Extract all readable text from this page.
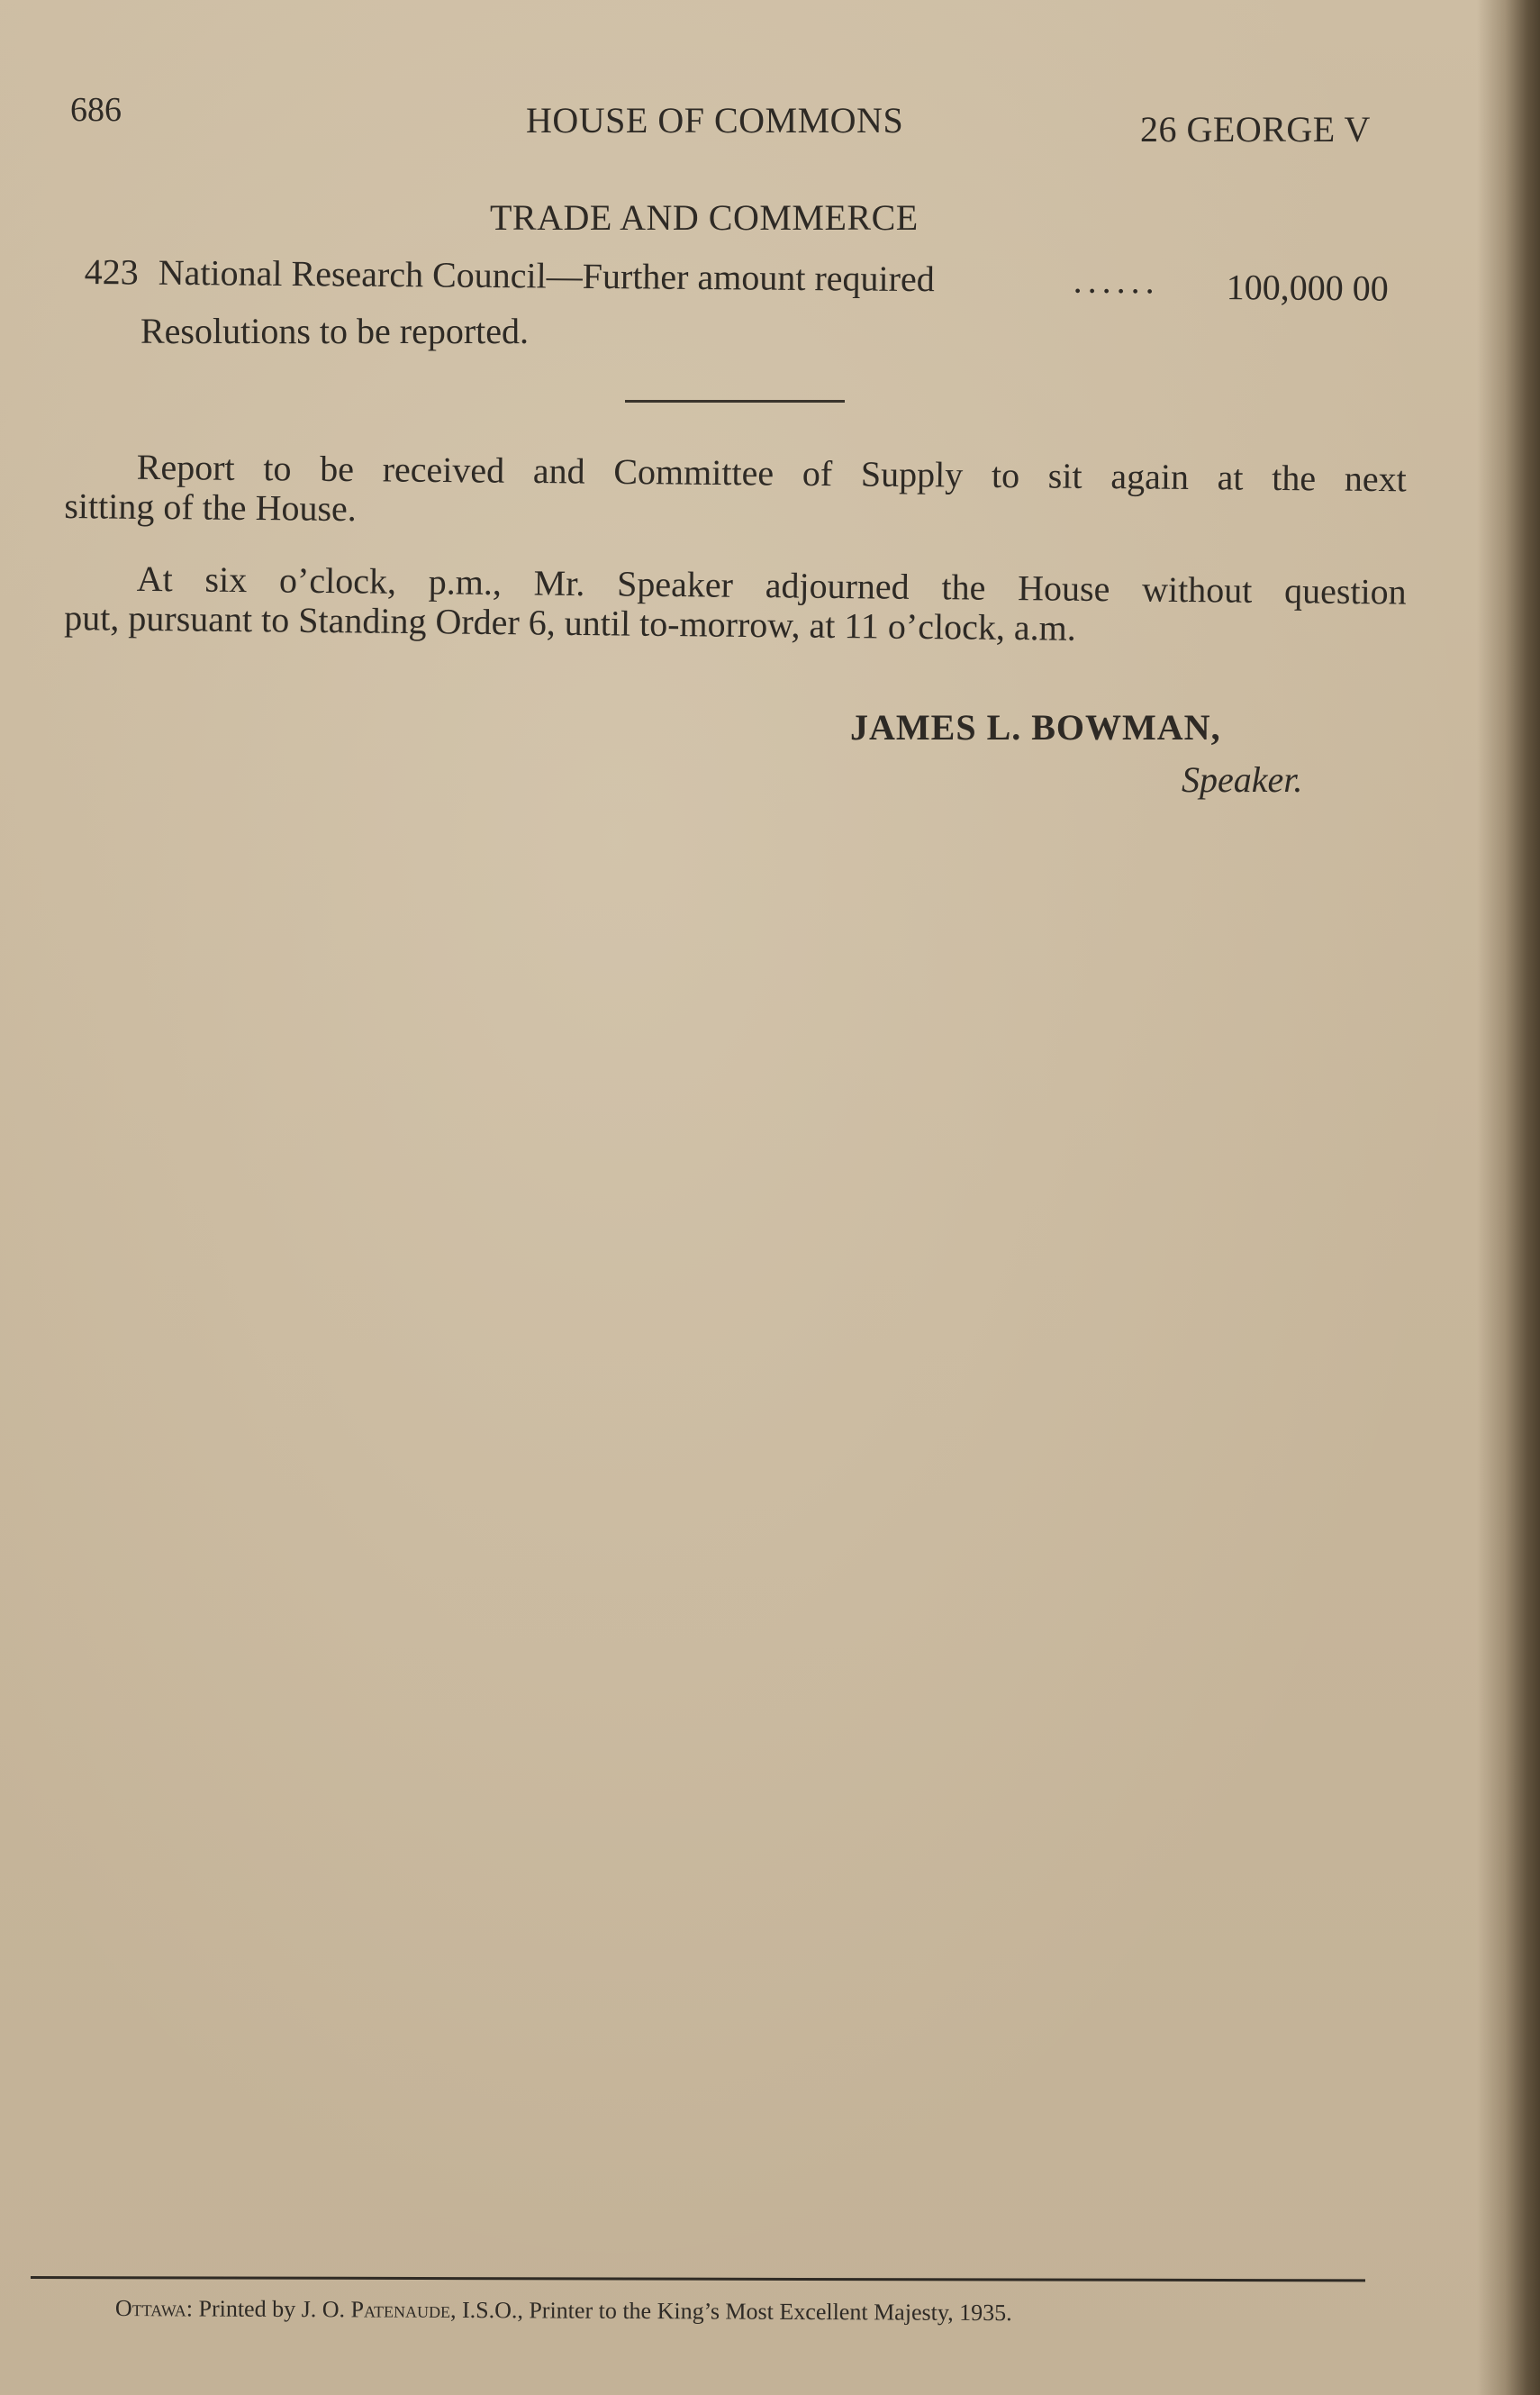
686	HOUSE OF COMMONS	26 GEORGE V
TRADE AND COMMERCE
423 National Research Council—Further amount required	...... 100,000 00
Resolutions to be reported.
Report to be received and Committee of Supply to sit again at the next
sitting of the House.
At six o’clock, p.m., Mr. Speaker adjourned the House without question
put, pursuant to Standing Order 6, until to-morrow, at 11 o’clock, a.m.
JAMES L. BOWMAN,
Speaker.
Ottawa: Printed by J. O. Patenaude, I.S.O., Printer to the King’s Most Excellent Majesty, 1935.
